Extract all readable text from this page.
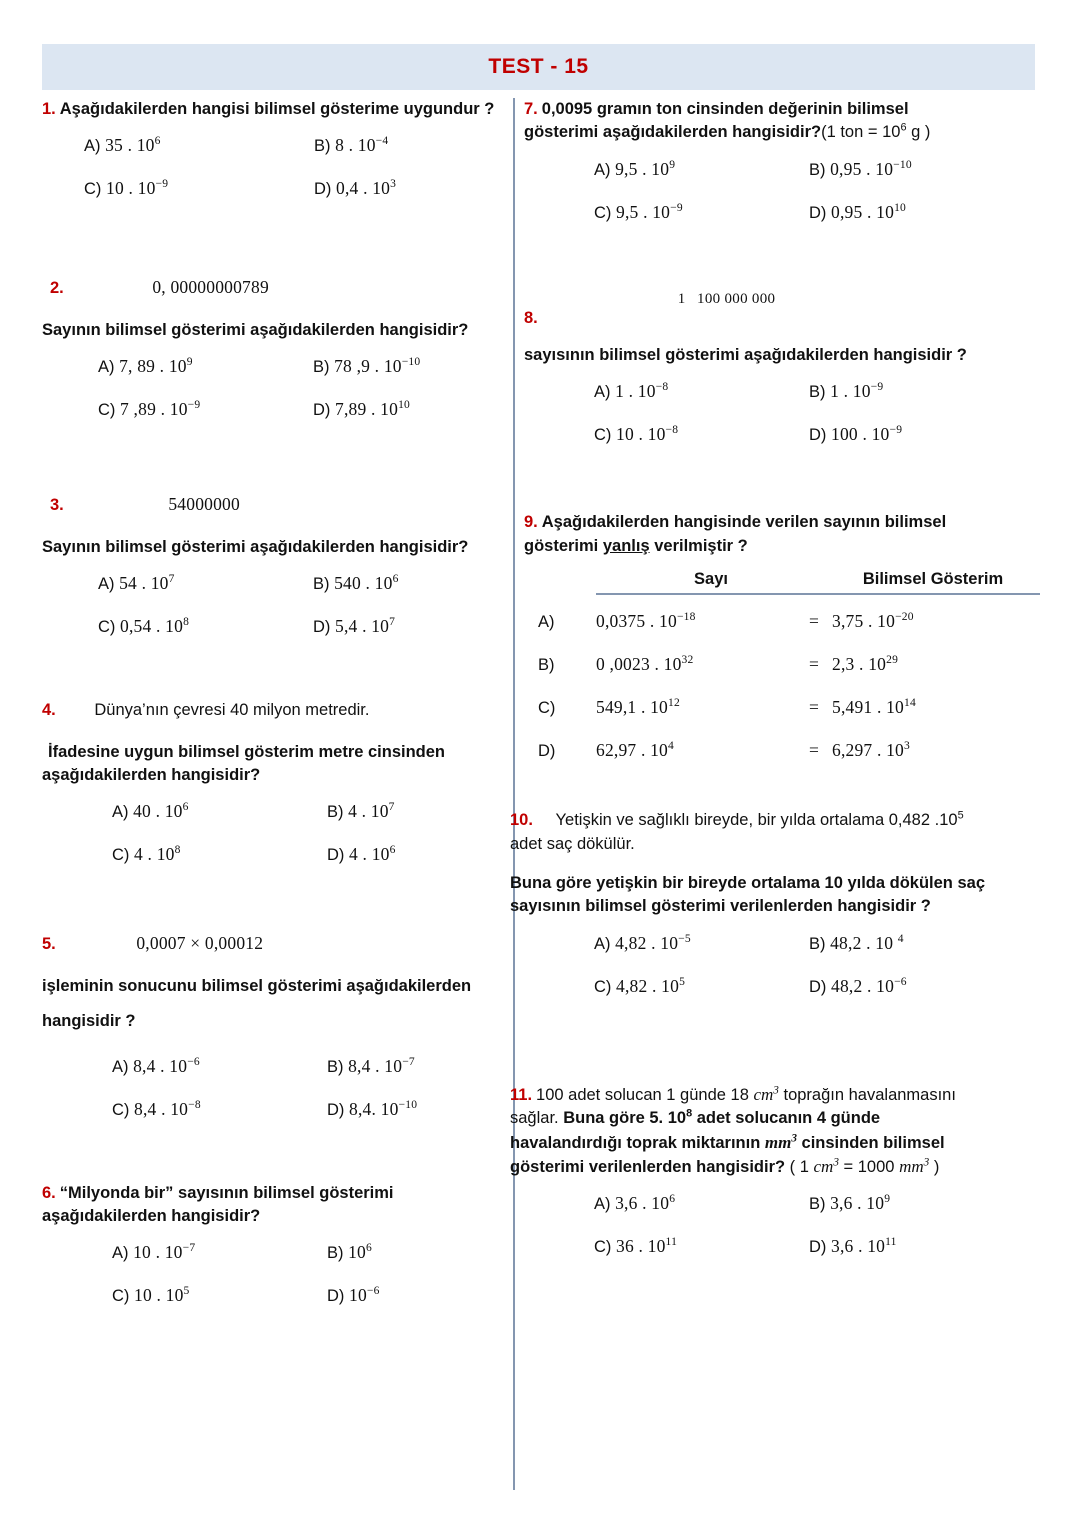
TEST - 15
1. Aşağıdakilerden hangisi bilimsel gösterime uygundur ?
A) 35 . $10^6$	B) 8 . $10^{-4}$
C) 10 . $10^{-9}$	D) 0,4 . $10^3$
2.	0, 00000000789
Sayının bilimsel gösterimi aşağıdakilerden hangisidir?
A) 7, 89 . $10^9$	B) 78 ,9 . $10^{-10}$
C) 7 ,89 . $10^{-9}$	D) 7,89 . $10^{10}$
3.	54000000
Sayının bilimsel gösterimi aşağıdakilerden hangisidir?
A) 54 . $10^7$	B) 540 . $10^6$
C) 0,54 . $10^8$	D) 5,4 . $10^7$
4. Dünya’nın çevresi 40 milyon metredir.
İfadesine uygun bilimsel gösterim metre cinsinden
aşağıdakilerden hangisidir?
A) 40 . $10^6$	B) 4 . $10^7$
C) 4 . $10^8$	D) 4 . $10^6$
5.	0,0007 × 0,00012
işleminin sonucunu bilimsel gösterimi aşağıdakilerden
hangisidir ?
A) 8,4 . $10^{-6}$	B) 8,4 . $10^{-7}$
C) 8,4 . $10^{-8}$	D) 8,4. $10^{-10}$
6. “Milyonda bir” sayısının bilimsel gösterimi
aşağıdakilerden hangisidir?
A) 10 . $10^{-7}$	B) $10^6$
C) 10 . $10^5$	D) $10^{-6}$
7. 0,0095 gramın ton cinsinden değerinin bilimsel
gösterimi aşağıdakilerden hangisidir?(1 ton = $10^6$ g )
A) 9,5 . $10^9$	B) 0,95 . $10^{-10}$
C) 9,5 . $10^{-9}$	D) 0,95 . $10^{10}$
8.
1 100 000 000
sayısının bilimsel gösterimi aşağıdakilerden hangisidir ?
A) 1 . $10^{-8}$	B) 1 . $10^{-9}$
C) 10 . $10^{-8}$	D) 100 . $10^{-9}$
9. Aşağıdakilerden hangisinde verilen sayının bilimsel
gösterimi yanlış verilmiştir ?
Sayı	Bilimsel Gösterim
A)	0,0375 . $10^{-18}$	= 3,75 . $10^{-20}$
B)	0 ,0023 . $10^{32}$	= 2,3 . $10^{29}$
C)	549,1 . $10^{12}$	= 5,491 . $10^{14}$
D)	62,97 . $10^4$	= 6,297 . $10^3$
10. Yetişkin ve sağlıklı bireyde, bir yılda ortalama 0,482 $.10^5$
adet saç dökülür.
Buna göre yetişkin bir bireyde ortalama 10 yılda dökülen saç
sayısının bilimsel gösterimi verilenlerden hangisidir ?
A) 4,82 . $10^{-5}$	B) 48,2 . 10 $^4$
C) 4,82 . $10^5$	D) 48,2 . $10^{-6}$
11. 100 adet solucan 1 günde 18 $cm^3$ toprağın havalanmasını
sağlar. Buna göre 5. $10^8$ adet solucanın 4 günde
havalandırdığı toprak miktarının $mm^3$ cinsinden bilimsel
gösterimi verilenlerden hangisidir? ( 1 $cm^3 = 1000$ $mm^3$ )
A) 3,6 . $10^6$	B) 3,6 . $10^9$
C) 36 . $10^{11}$	D) 3,6 . $10^{11}$
